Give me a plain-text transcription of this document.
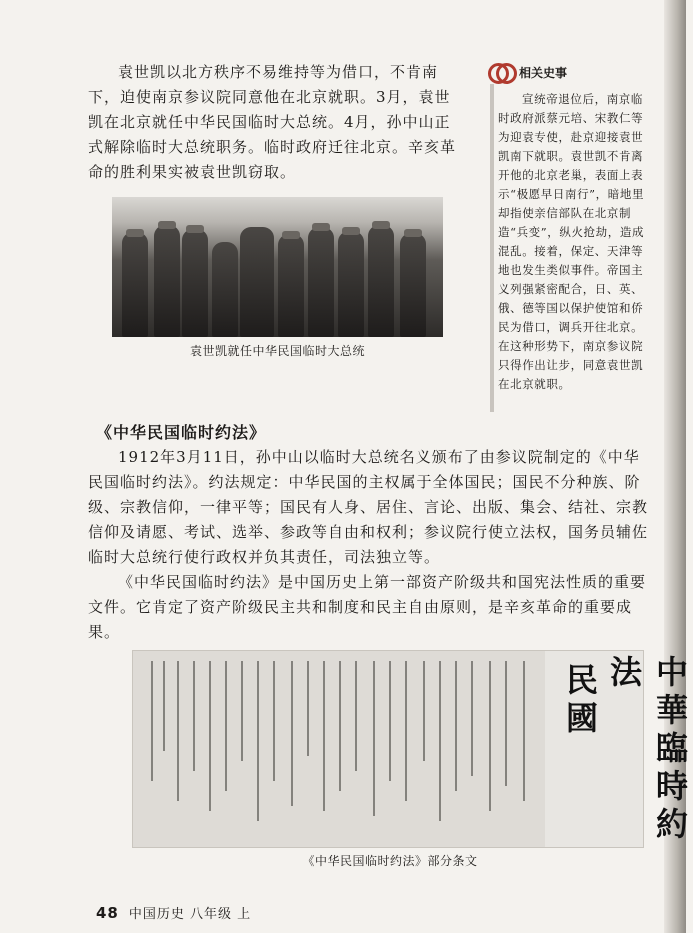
袁世凯以北方秩序不易维持等为借口，不肯南下，迫使南京参议院同意他在北京就职。3月，袁世凯在北京就任中华民国临时大总统。4月，孙中山正式解除临时大总统职务。临时政府迁往北京。辛亥革命的胜利果实被袁世凯窃取。

袁世凯就任中华民国临时大总统
相关史事

宣统帝退位后，南京临时政府派蔡元培、宋教仁等为迎袁专使，赴京迎接袁世凯南下就职。袁世凯不肯离开他的北京老巢，表面上表示“极愿早日南行”，暗地里却指使亲信部队在北京制造“兵变”，纵火抢劫，造成混乱。接着，保定、天津等地也发生类似事件。帝国主义列强紧密配合，日、英、俄、德等国以保护使馆和侨民为借口，调兵开往北京。在这种形势下，南京参议院只得作出让步，同意袁世凯在北京就职。

《中华民国临时约法》

1912年3月11日，孙中山以临时大总统名义颁布了由参议院制定的《中华民国临时约法》。约法规定：中华民国的主权属于全体国民；国民不分种族、阶级、宗教信仰，一律平等；国民有人身、居住、言论、出版、集会、结社、宗教信仰及请愿、考试、选举、参政等自由和权利；参议院行使立法权，国务员辅佐临时大总统行使行政权并负其责任，司法独立等。

《中华民国临时约法》是中国历史上第一部资产阶级共和国宪法性质的重要文件。它肯定了资产阶级民主共和制度和民主自由原则，是辛亥革命的重要成果。

中華臨時約法
民國
《中华民国临时约法》部分条文
48 中国历史 八年级 上
